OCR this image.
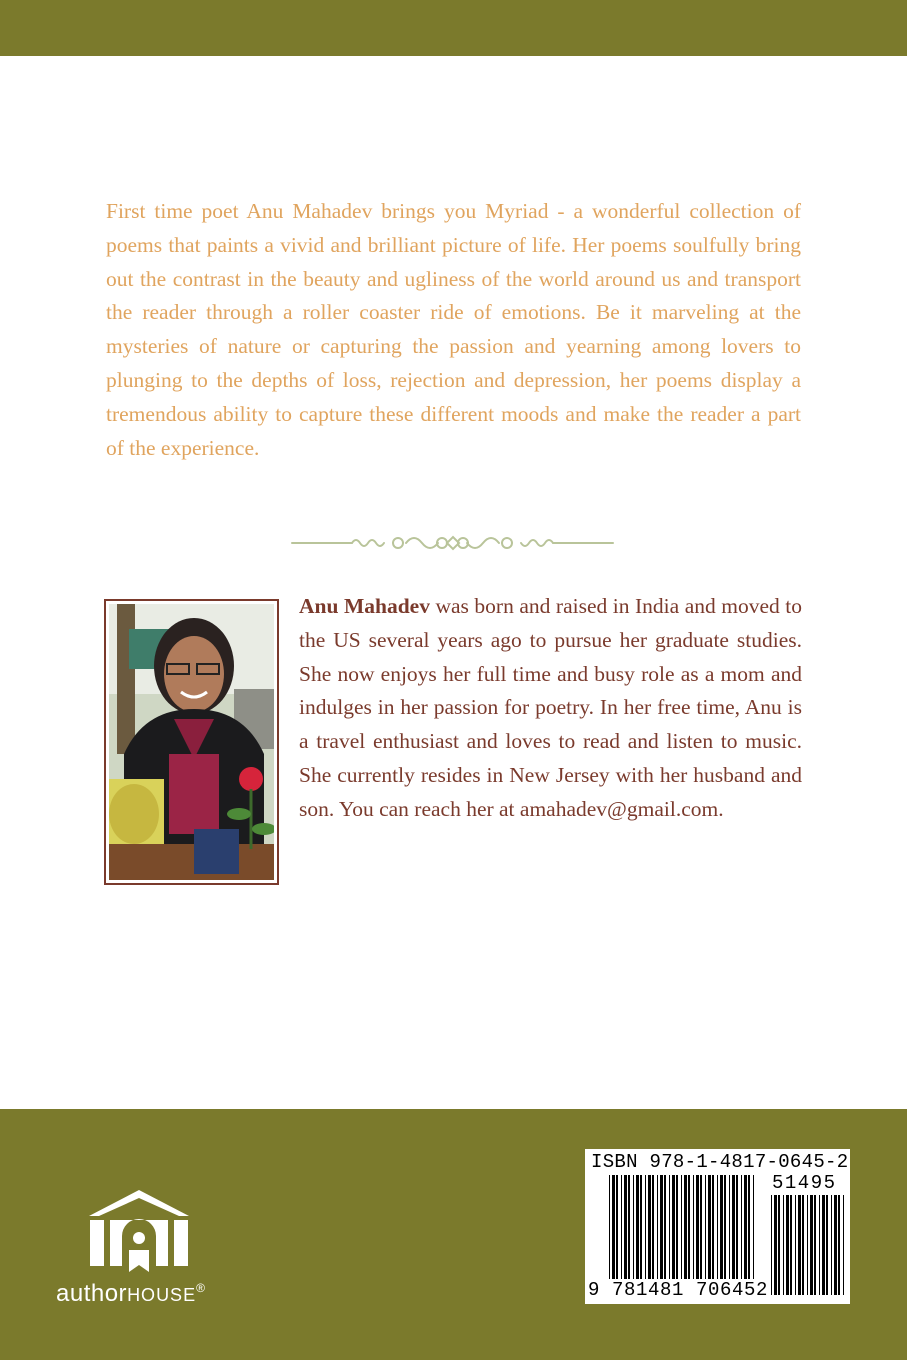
First time poet Anu Mahadev brings you Myriad - a wonderful collection of poems that paints a vivid and brilliant picture of life. Her poems soulfully bring out the contrast in the beauty and ugliness of the world around us and transport the reader through a roller coaster ride of emotions. Be it marveling at the mysteries of nature or capturing the passion and yearning among lovers to plunging to the depths of loss, rejection and depression, her poems display a tremendous ability to capture these different moods and make the reader a part of the experience.

Anu Mahadev was born and raised in India and moved to the US several years ago to pursue her graduate studies. She now enjoys her full time and busy role as a mom and indulges in her passion for poetry. In her free time, Anu is a travel enthusiast and loves to read and listen to music. She currently resides in New Jersey with her husband and son. You can reach her at amahadev@gmail.com.

authorHOUSE®
ISBN 978-1-4817-0645-2
51495
9 781481 706452
